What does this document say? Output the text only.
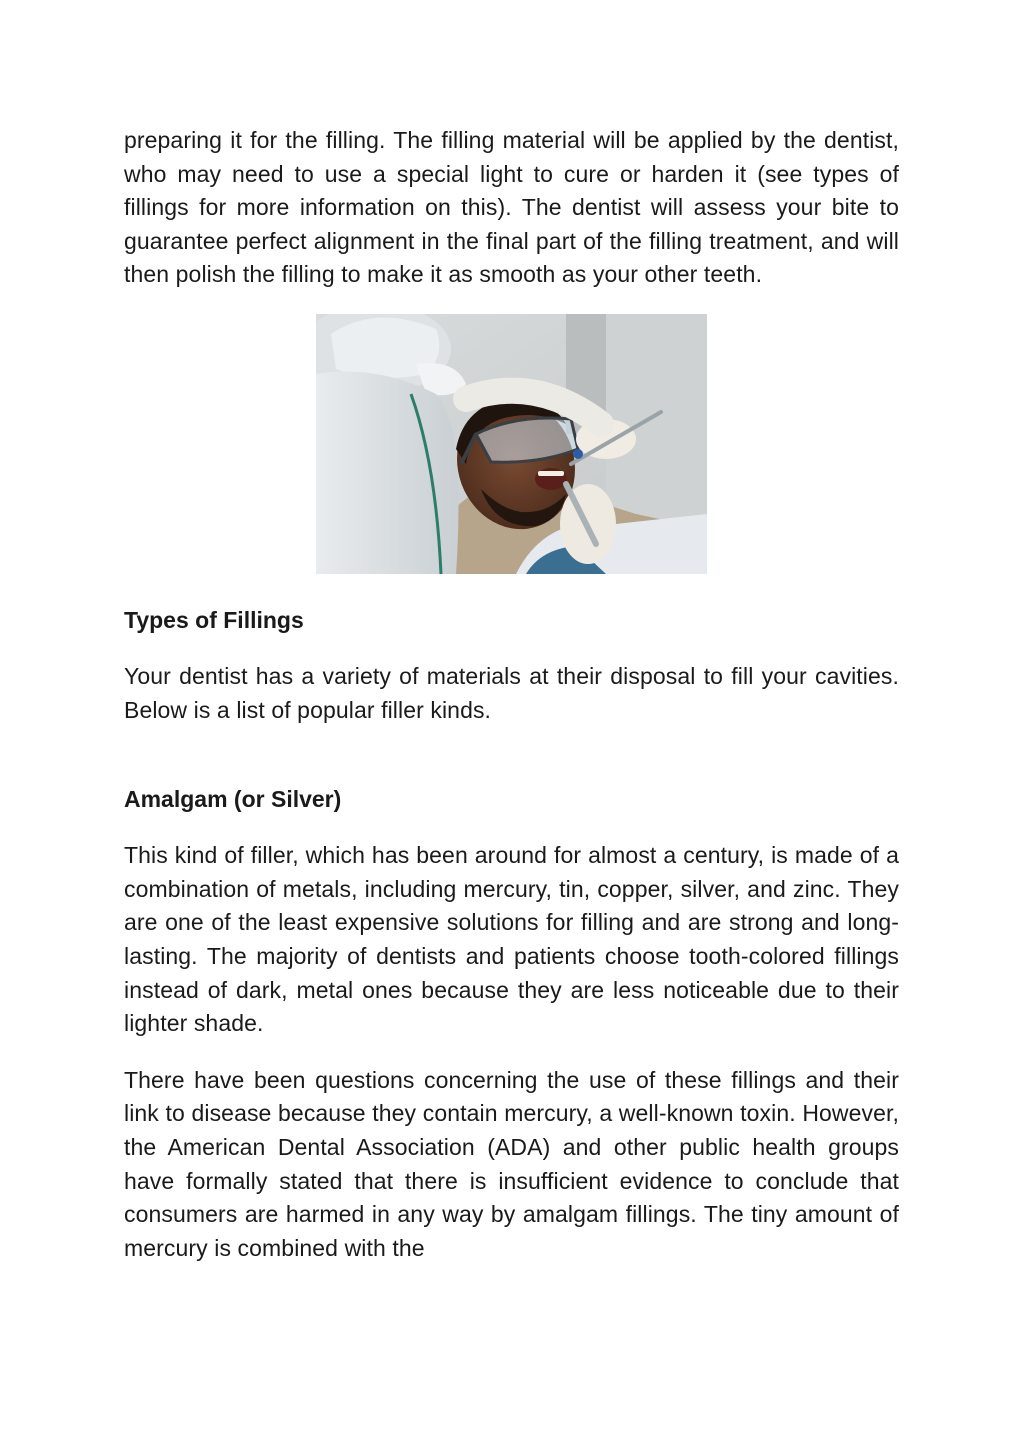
preparing it for the filling. The filling material will be applied by the dentist, who may need to use a special light to cure or harden it (see types of fillings for more information on this). The dentist will assess your bite to guarantee perfect alignment in the final part of the filling treatment, and will then polish the filling to make it as smooth as your other teeth.

Types of Fillings

Your dentist has a variety of materials at their disposal to fill your cavities. Below is a list of popular filler kinds.

Amalgam (or Silver)

This kind of filler, which has been around for almost a century, is made of a combination of metals, including mercury, tin, copper, silver, and zinc. They are one of the least expensive solutions for filling and are strong and long-lasting. The majority of dentists and patients choose tooth-colored fillings instead of dark, metal ones because they are less noticeable due to their lighter shade.

There have been questions concerning the use of these fillings and their link to disease because they contain mercury, a well-known toxin. However, the American Dental Association (ADA) and other public health groups have formally stated that there is insufficient evidence to conclude that consumers are harmed in any way by amalgam fillings. The tiny amount of mercury is combined with the
